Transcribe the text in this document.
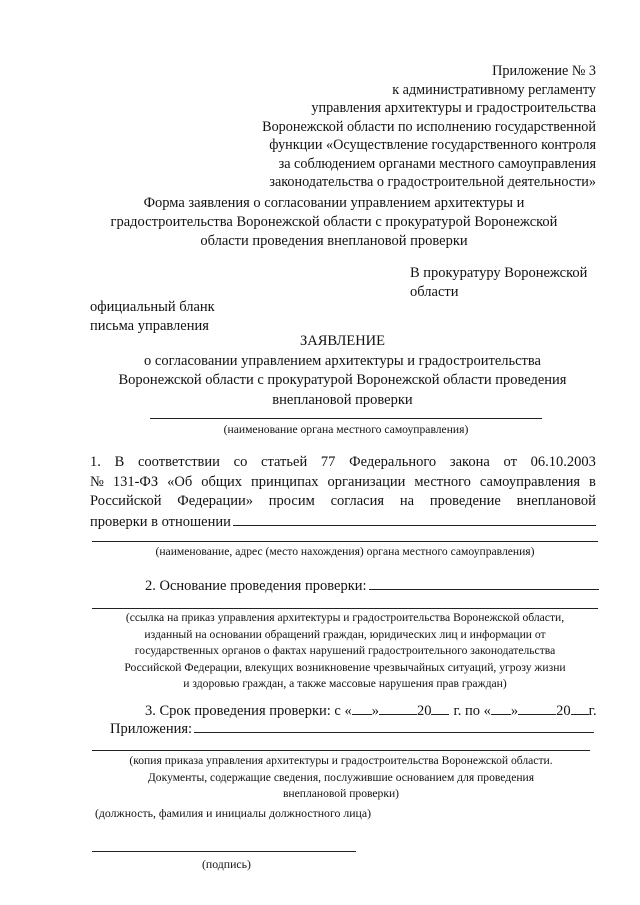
Приложение № 3
к административному регламенту
управления архитектуры и градостроительства
Воронежской области по исполнению государственной
функции «Осуществление государственного контроля
за соблюдением органами местного самоуправления
законодательства о градостроительной деятельности»
Форма заявления о согласовании управлением архитектуры и
градостроительства Воронежской области с прокуратурой Воронежской
области проведения внеплановой проверки
В прокуратуру Воронежской
области
официальный бланк
письма управления
ЗАЯВЛЕНИЕ
о согласовании управлением архитектуры и градостроительства
Воронежской области с прокуратурой Воронежской области проведения
внеплановой проверки
(наименование органа местного самоуправления)
1. В соответствии со статьей 77 Федерального закона от 06.10.2003
№ 131-ФЗ «Об общих принципах организации местного самоуправления в
Российской Федерации» просим согласия на проведение внеплановой
проверки в отношении
(наименование, адрес (место нахождения) органа местного самоуправления)
2. Основание проведения проверки:
(ссылка на приказ управления архитектуры и градостроительства Воронежской области,
изданный на основании обращений граждан, юридических лиц и информации от
государственных органов о фактах нарушений градостроительного законодательства
Российской Федерации, влекущих возникновение чрезвычайных ситуаций, угрозу жизни
и здоровью граждан, а также массовые нарушения прав граждан)
3. Срок проведения проверки: с « »	20 г. по « »	20 г.
Приложения:
(копия приказа управления архитектуры и градостроительства Воронежской области.
Документы, содержащие сведения, послужившие основанием для проведения
внеплановой проверки)
(должность, фамилия и инициалы должностного лица)
(подпись)
